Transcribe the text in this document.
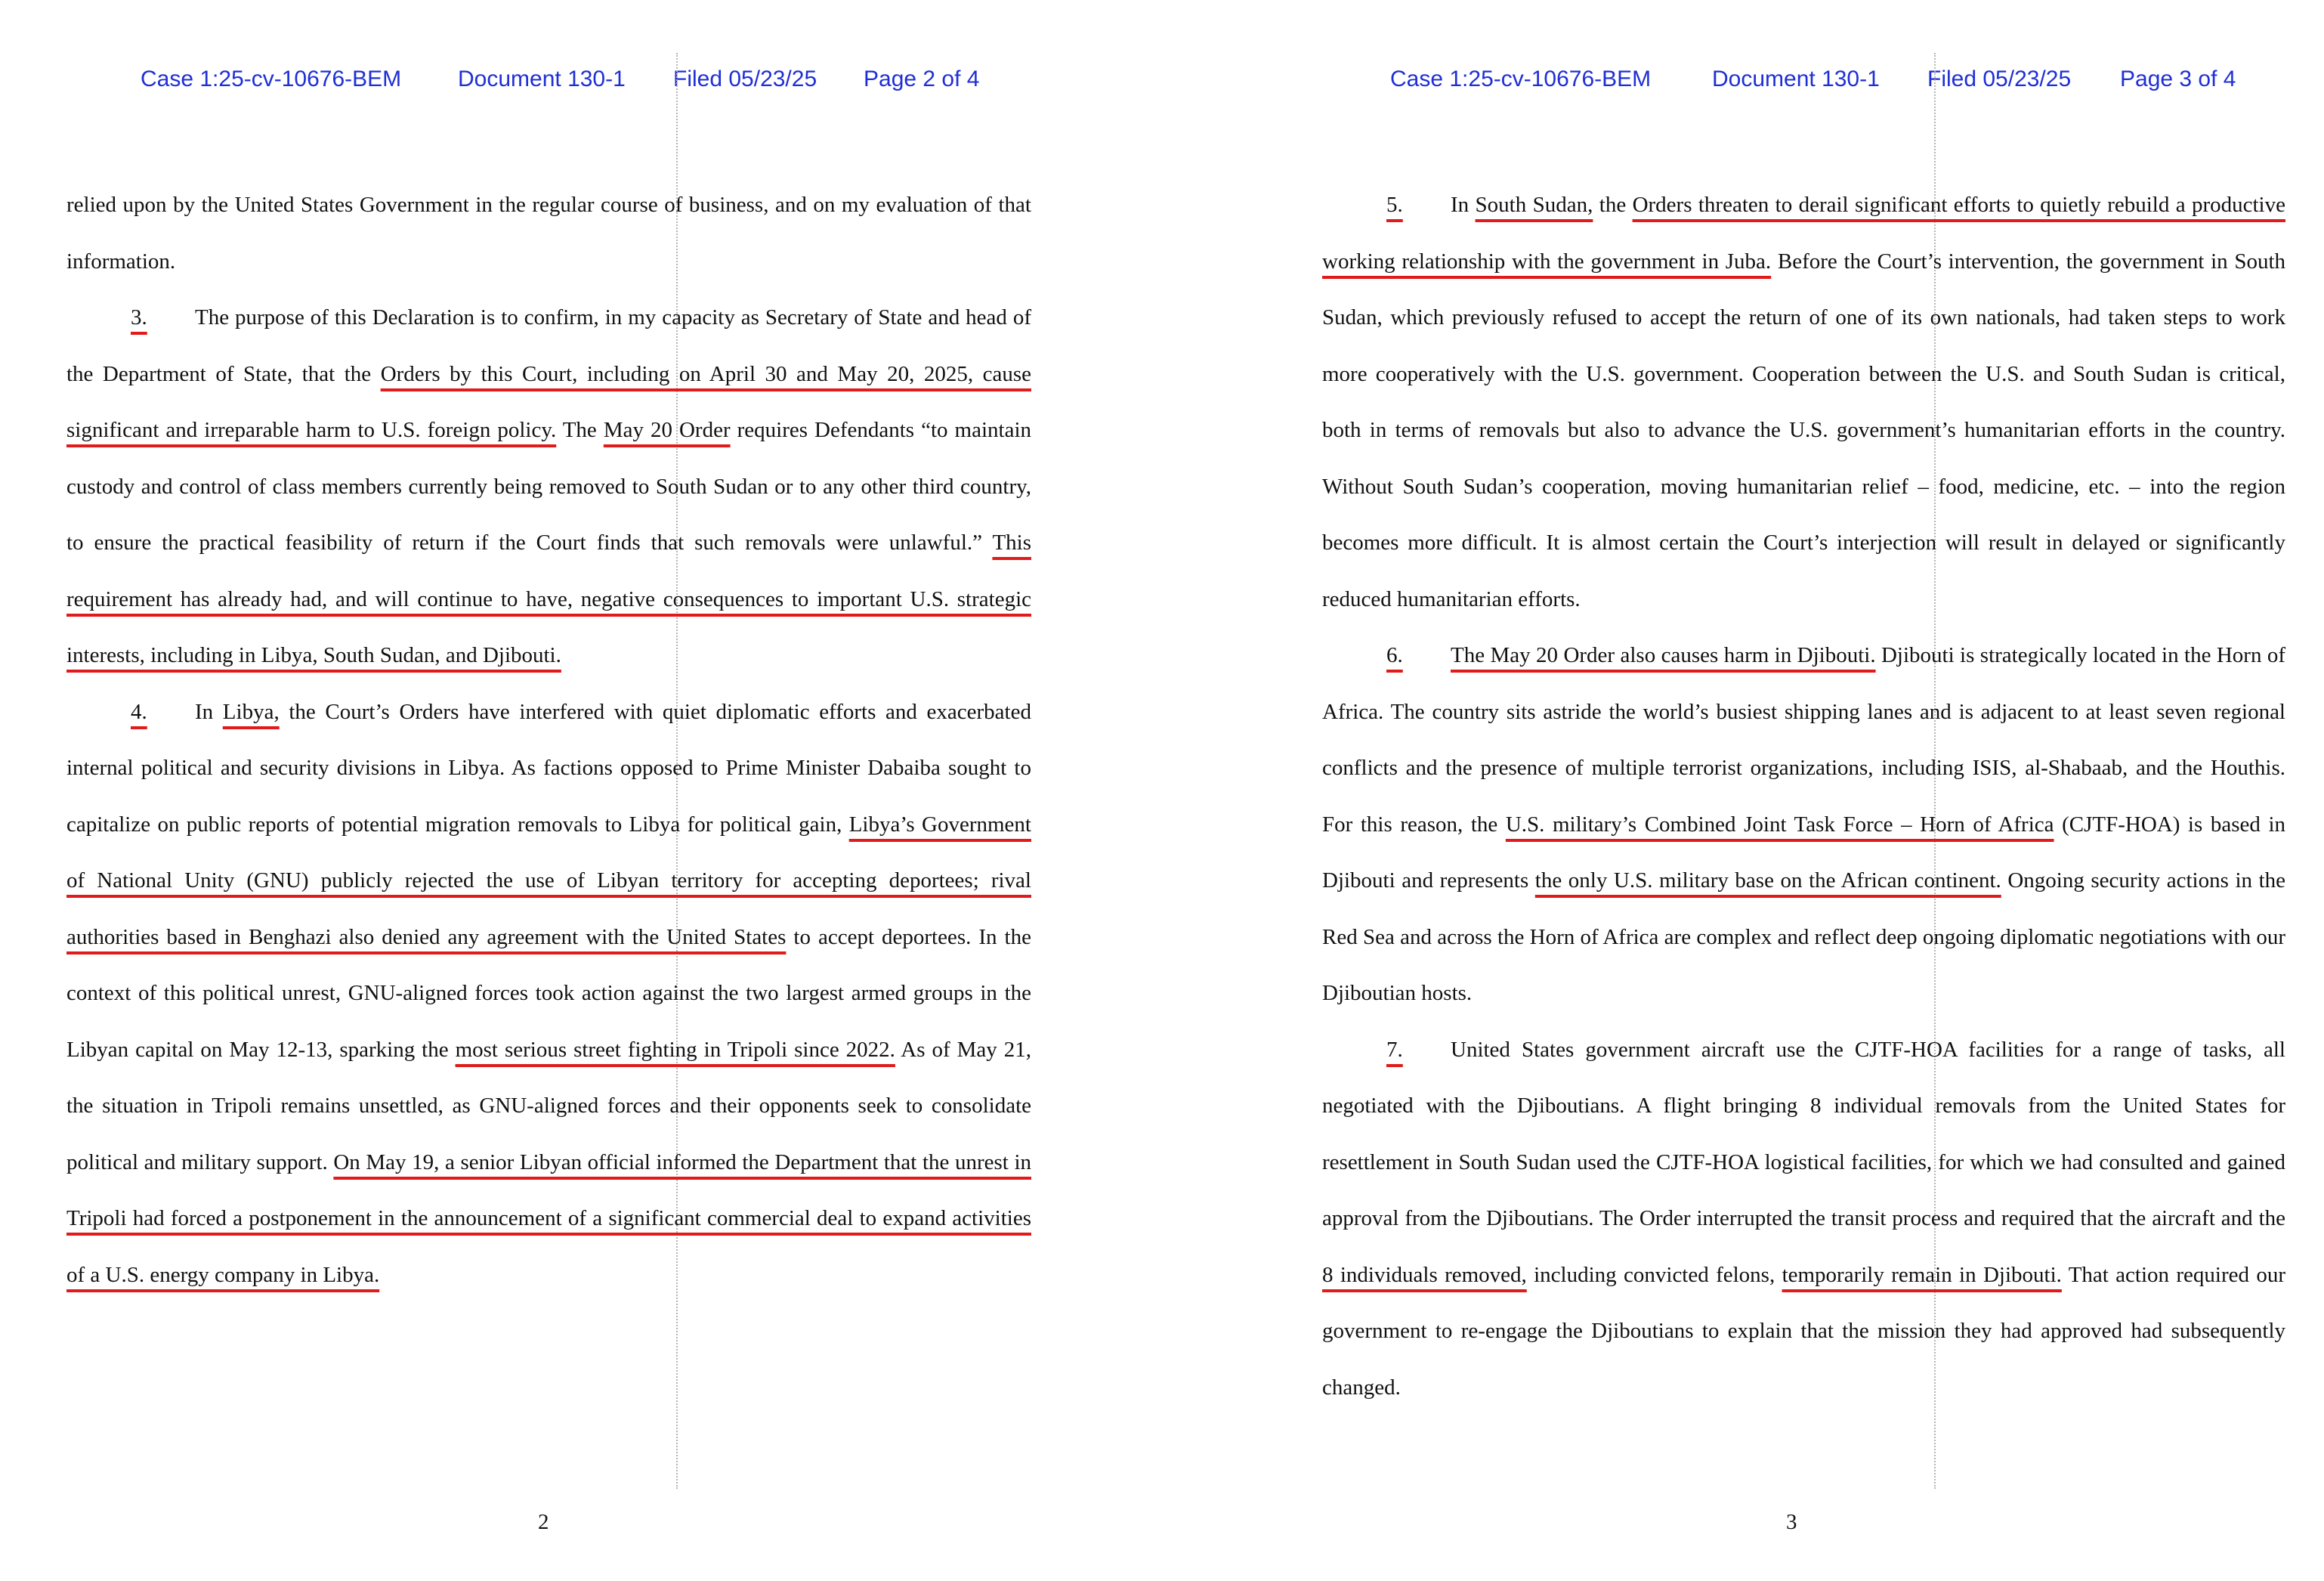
Case 1:25-cv-10676-BEM Document 130-1 Filed 05/23/25 Page 2 of 4

relied upon by the United States Government in the regular course of business, and on my evaluation of that information.

3. The purpose of this Declaration is to confirm, in my capacity as Secretary of State and head of the Department of State, that the Orders by this Court, including on April 30 and May 20, 2025, cause significant and irreparable harm to U.S. foreign policy. The May 20 Order requires Defendants “to maintain custody and control of class members currently being removed to South Sudan or to any other third country, to ensure the practical feasibility of return if the Court finds that such removals were unlawful.” This requirement has already had, and will continue to have, negative consequences to important U.S. strategic interests, including in Libya, South Sudan, and Djibouti.

4. In Libya, the Court’s Orders have interfered with quiet diplomatic efforts and exacerbated internal political and security divisions in Libya. As factions opposed to Prime Minister Dabaiba sought to capitalize on public reports of potential migration removals to Libya for political gain, Libya’s Government of National Unity (GNU) publicly rejected the use of Libyan territory for accepting deportees; rival authorities based in Benghazi also denied any agreement with the United States to accept deportees. In the context of this political unrest, GNU-aligned forces took action against the two largest armed groups in the Libyan capital on May 12-13, sparking the most serious street fighting in Tripoli since 2022. As of May 21, the situation in Tripoli remains unsettled, as GNU-aligned forces and their opponents seek to consolidate political and military support. On May 19, a senior Libyan official informed the Department that the unrest in Tripoli had forced a postponement in the announcement of a significant commercial deal to expand activities of a U.S. energy company in Libya.

2
Case 1:25-cv-10676-BEM	Document 130-1 Filed 05/23/25 Page 3 of 4

5. In South Sudan, the Orders threaten to derail significant efforts to quietly rebuild a productive working relationship with the government in Juba. Before the Court’s intervention, the government in South Sudan, which previously refused to accept the return of one of its own nationals, had taken steps to work more cooperatively with the U.S. government. Cooperation between the U.S. and South Sudan is critical, both in terms of removals but also to advance the U.S. government’s humanitarian efforts in the country. Without South Sudan’s cooperation, moving humanitarian relief – food, medicine, etc. – into the region becomes more difficult. It is almost certain the Court’s interjection will result in delayed or significantly reduced humanitarian efforts.

6. The May 20 Order also causes harm in Djibouti. Djibouti is strategically located in the Horn of Africa. The country sits astride the world’s busiest shipping lanes and is adjacent to at least seven regional conflicts and the presence of multiple terrorist organizations, including ISIS, al-Shabaab, and the Houthis. For this reason, the U.S. military’s Combined Joint Task Force – Horn of Africa (CJTF-HOA) is based in Djibouti and represents the only U.S. military base on the African continent. Ongoing security actions in the Red Sea and across the Horn of Africa are complex and reflect deep ongoing diplomatic negotiations with our Djiboutian hosts.

7. United States government aircraft use the CJTF-HOA facilities for a range of tasks, all negotiated with the Djiboutians. A flight bringing 8 individual removals from the United States for resettlement in South Sudan used the CJTF-HOA logistical facilities, for which we had consulted and gained approval from the Djiboutians. The Order interrupted the transit process and required that the aircraft and the 8 individuals removed, including convicted felons, temporarily remain in Djibouti. That action required our government to re-engage the Djiboutians to explain that the mission they had approved had subsequently changed.

3
